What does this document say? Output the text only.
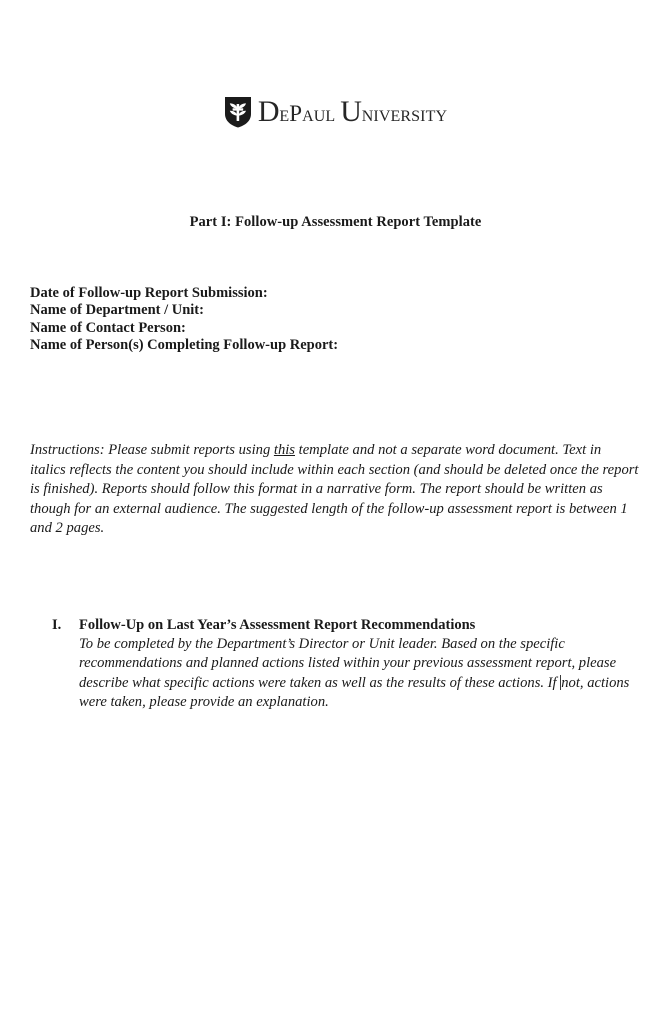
DePaul University
Part I: Follow-up Assessment Report Template
Date of Follow-up Report Submission:
Name of Department / Unit:
Name of Contact Person:
Name of Person(s) Completing Follow-up Report:
Instructions: Please submit reports using this template and not a separate word document. Text in italics reflects the content you should include within each section (and should be deleted once the report is finished). Reports should follow this format in a narrative form. The report should be written as though for an external audience. The suggested length of the follow-up assessment report is between 1 and 2 pages.
I. Follow-Up on Last Year’s Assessment Report Recommendations
To be completed by the Department’s Director or Unit leader. Based on the specific recommendations and planned actions listed within your previous assessment report, please describe what specific actions were taken as well as the results of these actions. If not, actions were taken, please provide an explanation.
